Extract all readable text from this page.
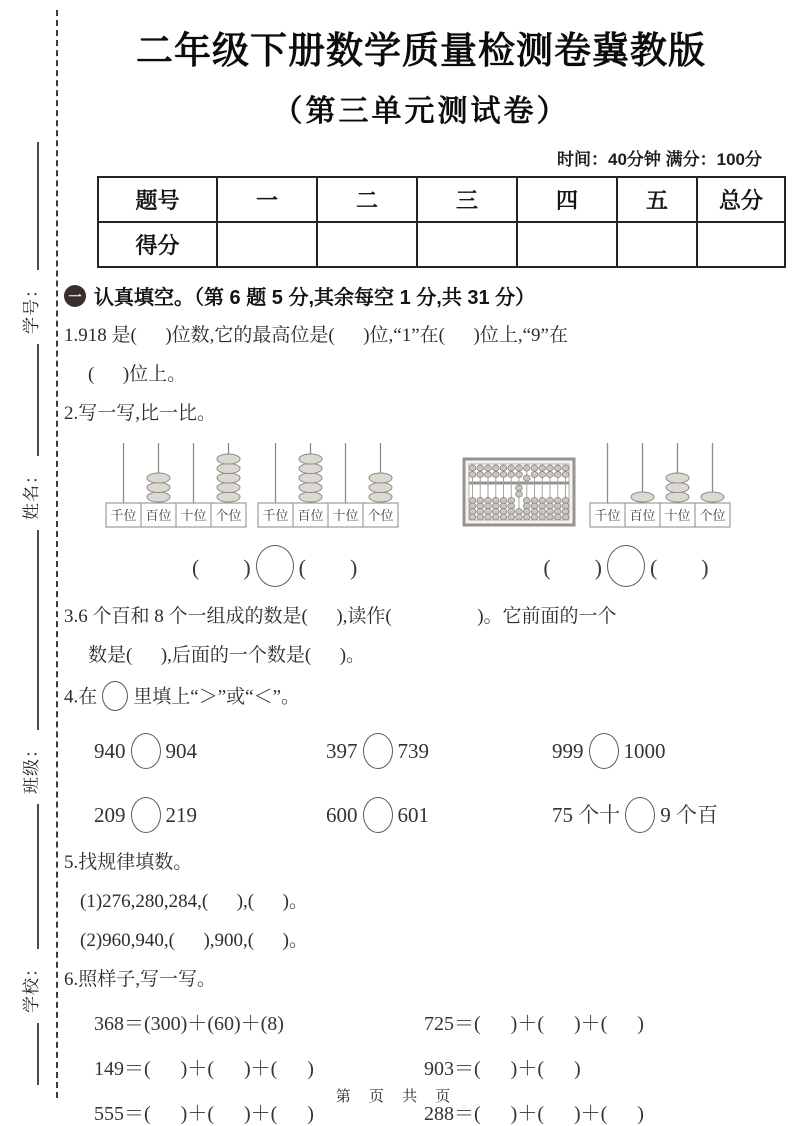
学校：
班级：
姓名：
学号：
二年级下册数学质量检测卷冀教版
（第三单元测试卷）
时间：40分钟 满分：100分
题号	一	二	三	四	五	总分
得分						
一 认真填空。（第 6 题 5 分,其余每空 1 分,共 31 分）
1.918 是(      )位数,它的最高位是(      )位,“1”在(      )位上,“9”在
(      )位上。
2.写一写,比一比。
千位 百位 十位 个位 千位 百位 十位 个位	千位 百位 十位 个位
(        ) (        )	(        ) (        )
3.6 个百和 8 个一组成的数是(      ),读作(                  )。它前面的一个
数是(      ),后面的一个数是(      )。
4.在 里填上“＞”或“＜”。
940 904	397 739	999 1000
209 219	600 601	75 个十 9 个百
5.找规律填数。
(1)276,280,284,(      ),(      )。
(2)960,940,(      ),900,(      )。
6.照样子,写一写。
368＝(300)＋(60)＋(8)	725＝(      )＋(      )＋(      )
149＝(      )＋(      )＋(      )	903＝(      )＋(      )
555＝(      )＋(      )＋(      )	288＝(      )＋(      )＋(      )
第 页 共 页
